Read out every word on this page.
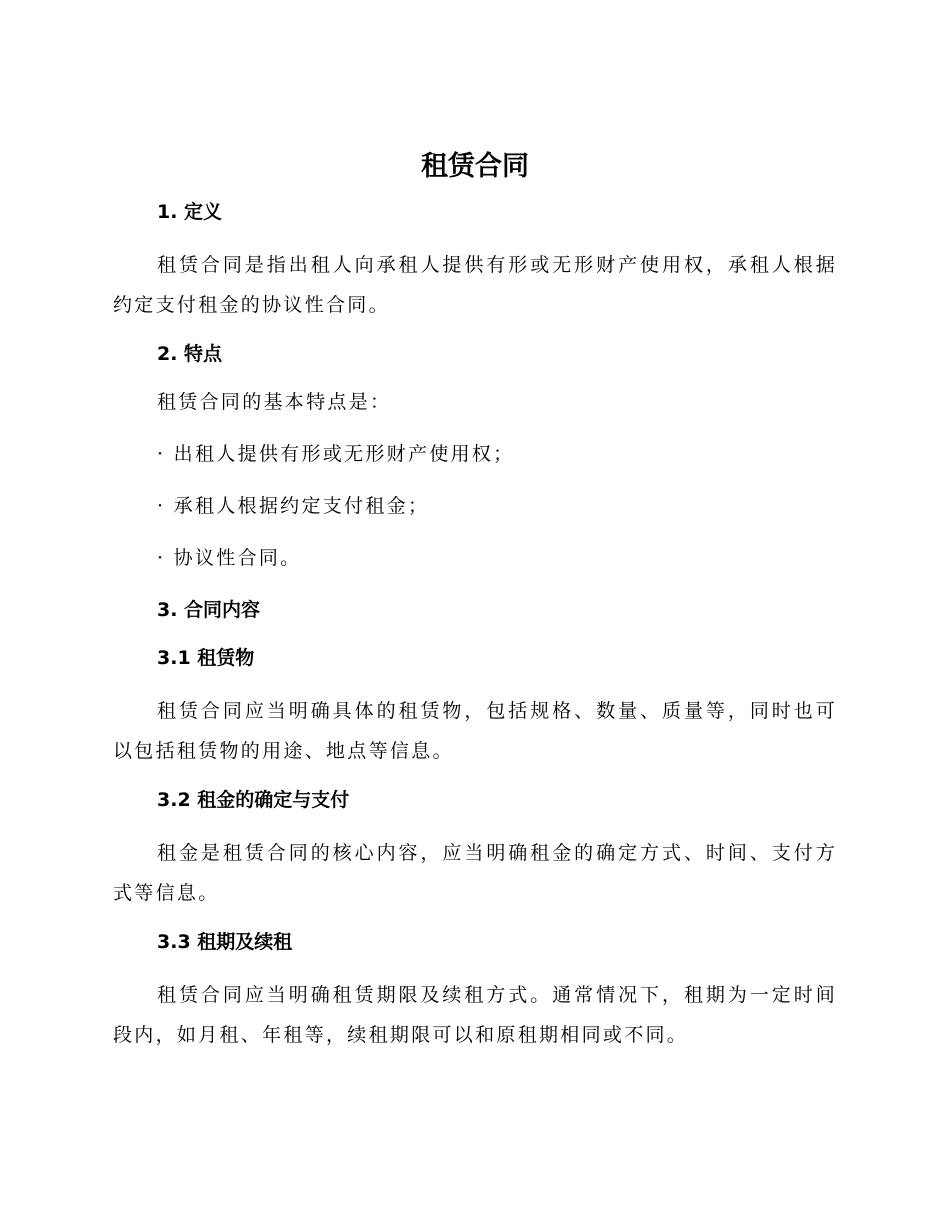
租赁合同
1. 定义
租赁合同是指出租人向承租人提供有形或无形财产使用权，承租人根据约定支付租金的协议性合同。
2. 特点
租赁合同的基本特点是：
· 出租人提供有形或无形财产使用权；
· 承租人根据约定支付租金；
· 协议性合同。
3. 合同内容
3.1 租赁物
租赁合同应当明确具体的租赁物，包括规格、数量、质量等，同时也可以包括租赁物的用途、地点等信息。
3.2 租金的确定与支付
租金是租赁合同的核心内容，应当明确租金的确定方式、时间、支付方式等信息。
3.3 租期及续租
租赁合同应当明确租赁期限及续租方式。通常情况下，租期为一定时间段内，如月租、年租等，续租期限可以和原租期相同或不同。
